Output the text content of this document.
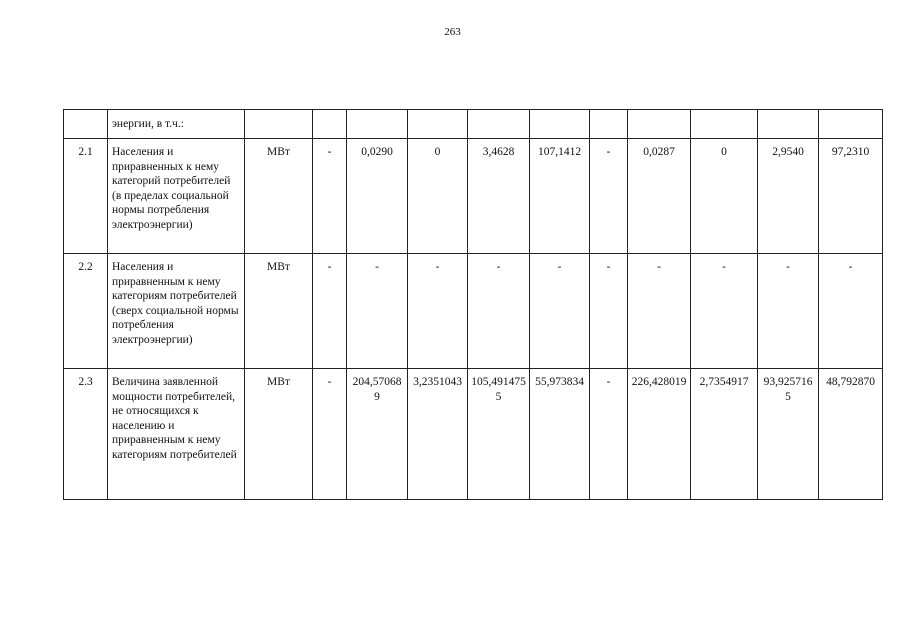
263
	энергии, в т.ч.:											
2.1	Населения и приравненных к нему категорий потребителей (в пределах социальной нормы потребления электроэнергии)	МВт	-	0,0290	0	3,4628	107,1412	-	0,0287	0	2,9540	97,2310
2.2	Населения и приравненным к нему категориям потребителей (сверх социальной нормы потребления электроэнергии)	МВт	-	-	-	-	-	-	-	-	-	-
2.3	Величина заявленной мощности потребителей, не относящихся к населению и приравненным к нему категориям потребителей	МВт	-	204,570689	3,2351043	105,4914755	55,973834	-	226,428019	2,7354917	93,9257165	48,792870
